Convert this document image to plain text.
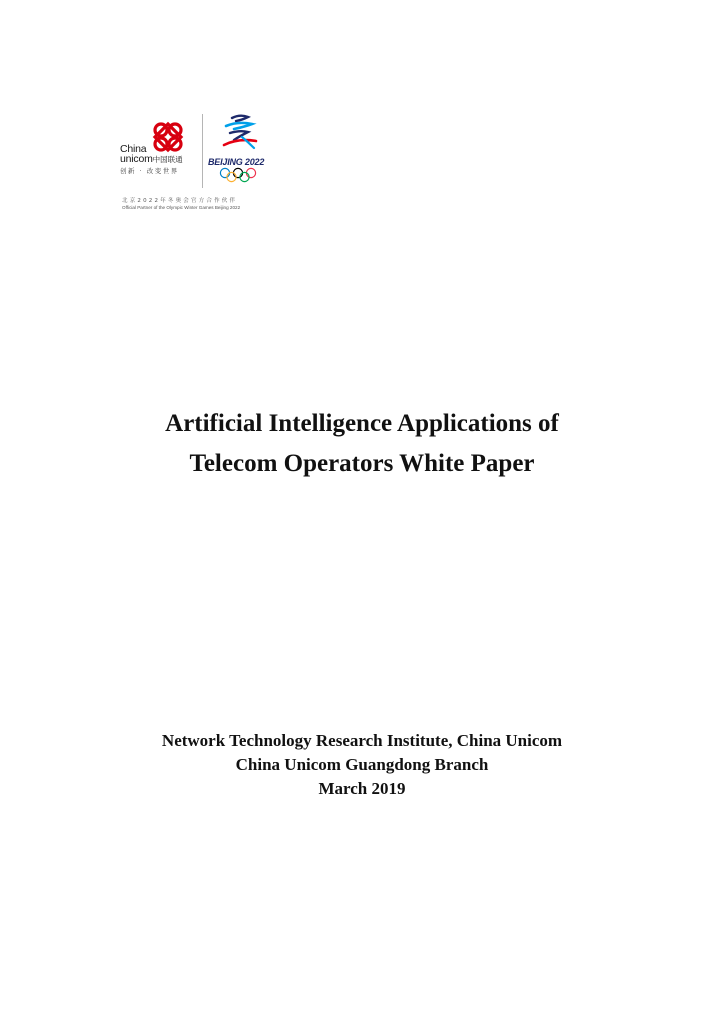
China
unicom中国联通
创新 · 改变世界
BEIJING 2022
北京2022年冬奥会官方合作伙伴
Official Partner of the Olympic Winter Games Beijing 2022
Artificial Intelligence Applications of
Telecom Operators White Paper
Network Technology Research Institute, China Unicom
China Unicom Guangdong Branch
March 2019
